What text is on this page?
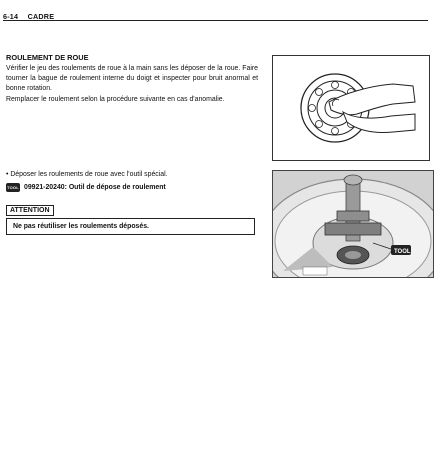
6-14 CADRE
ROULEMENT DE ROUE
Vérifier le jeu des roulements de roue à la main sans les déposer de la roue. Faire tourner la bague de roulement interne du doigt et inspecter pour bruit anormal et bonne rotation.
Remplacer le roulement selon la procédure suivante en cas d'anomalie.
TOOL
• Déposer les roulements de roue avec l'outil spécial.
TOOL
09921-20240: Outil de dépose de roulement
ATTENTION
Ne pas réutiliser les roulements déposés.
